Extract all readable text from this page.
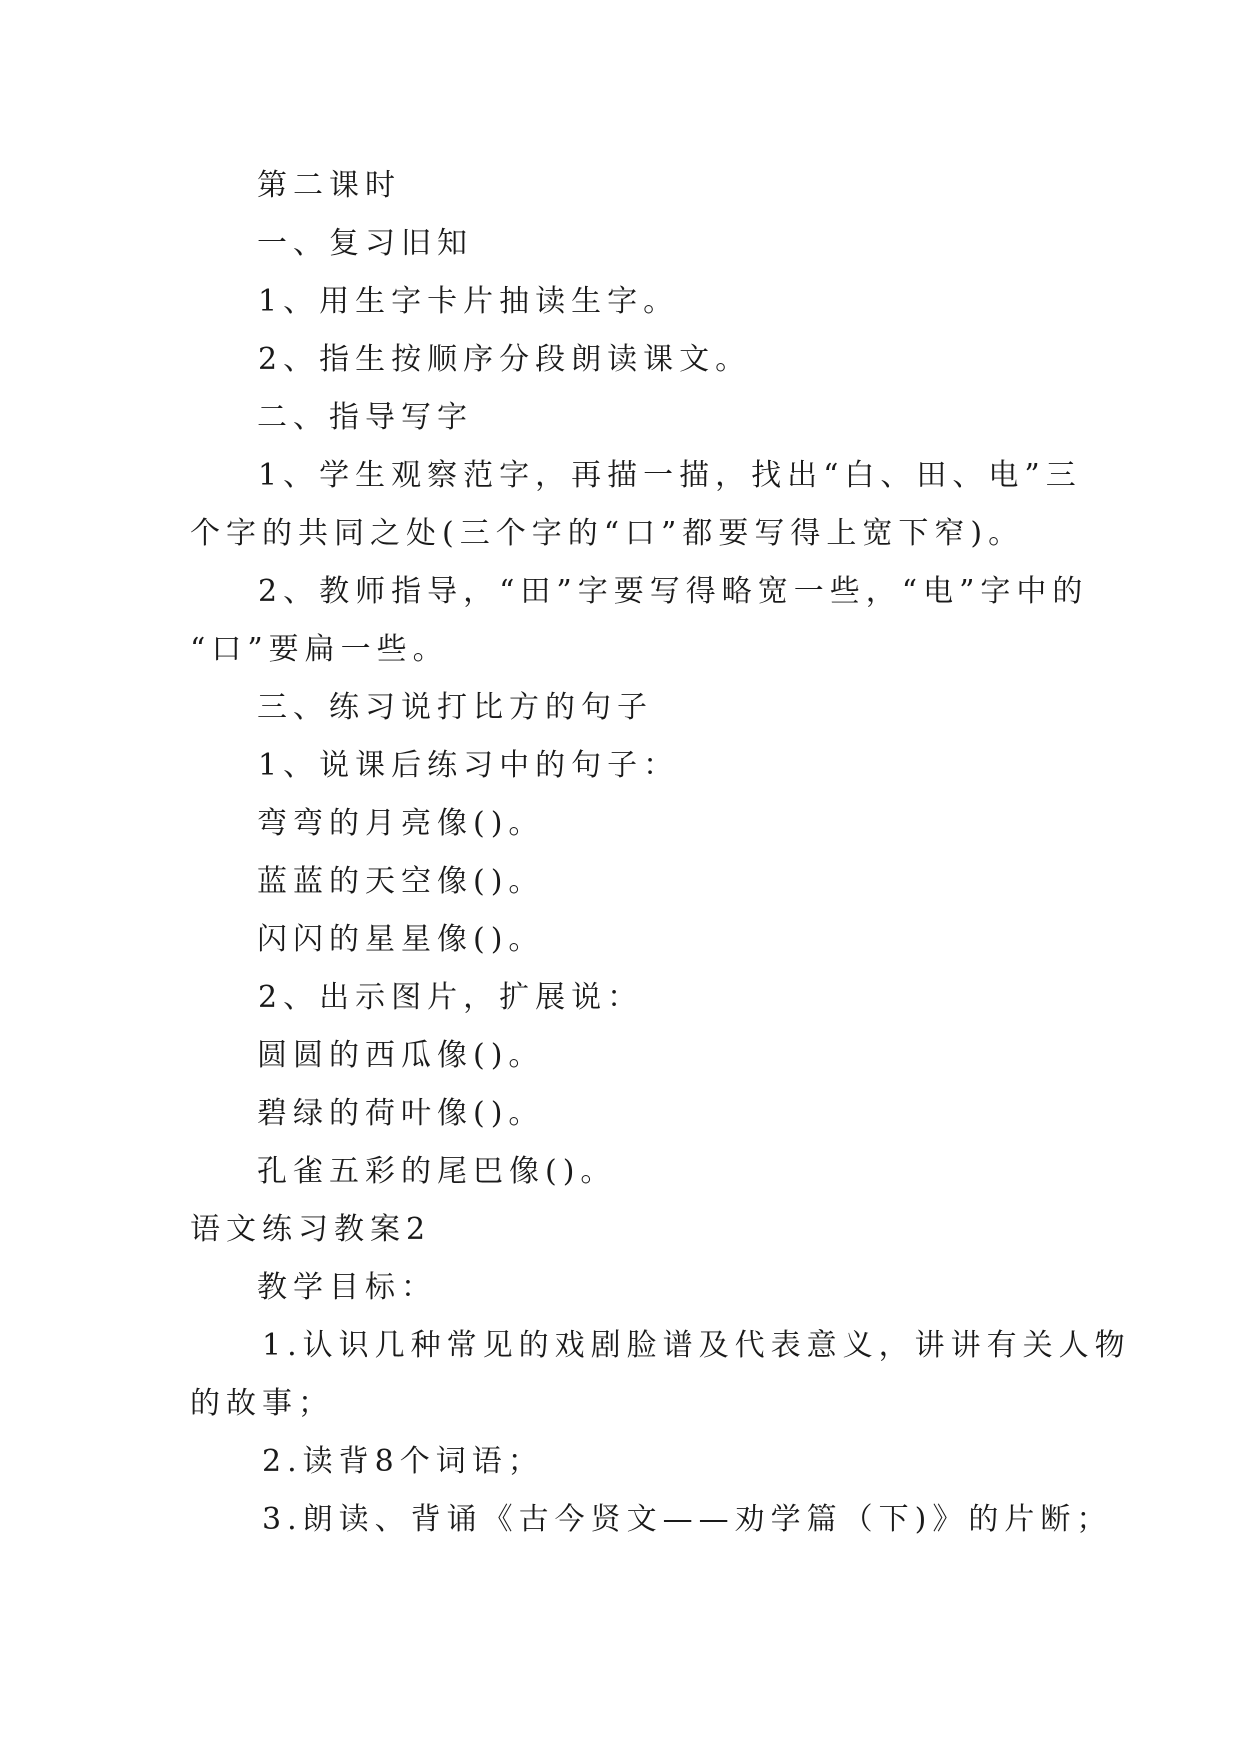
第二课时
一、复习旧知
1、用生字卡片抽读生字。
2、指生按顺序分段朗读课文。
二、指导写字
1、学生观察范字，再描一描，找出“白、田、电”三
个字的共同之处(三个字的“口”都要写得上宽下窄)。
2、教师指导，“田”字要写得略宽一些，“电”字中的
“口”要扁一些。
三、练习说打比方的句子
1、说课后练习中的句子：
弯弯的月亮像()。
蓝蓝的天空像()。
闪闪的星星像()。
2、出示图片，扩展说：
圆圆的西瓜像()。
碧绿的荷叶像()。
孔雀五彩的尾巴像()。
语文练习教案2
教学目标：
1.认识几种常见的戏剧脸谱及代表意义，讲讲有关人物
的故事；
2.读背8个词语；
3.朗读、背诵《古今贤文——劝学篇（下)》的片断；
